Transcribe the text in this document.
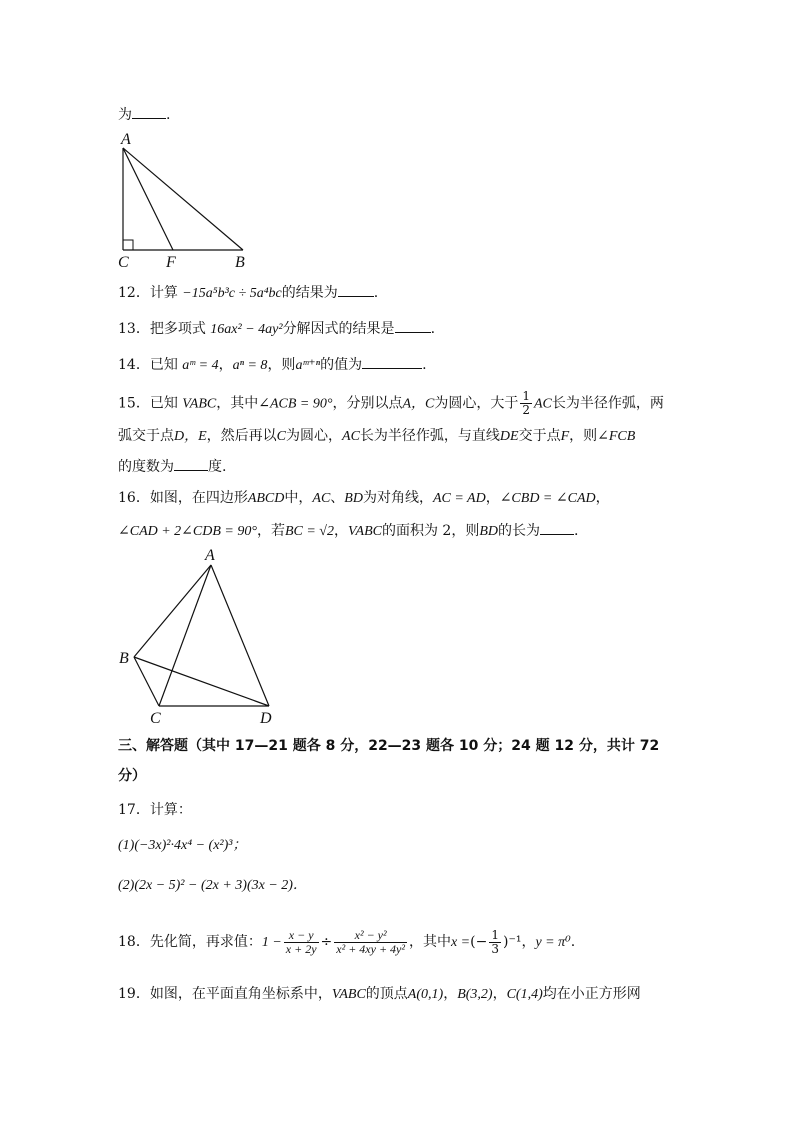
为 .
A
C F	B
12．计算 −15a⁵b³c ÷ 5a⁴bc的结果为	.
13．把多项式 16ax² − 4ay²分解因式的结果是	.
14．已知 aᵐ = 4，aⁿ = 8，则aᵐ⁺ⁿ的值为	.
15．已知 VABC，其中∠ACB = 90°，分别以点A，C为圆心，大于 $\frac{1}{2}$ AC长为半径作弧，两
弧交于点D，E，然后再以C为圆心，AC长为半径作弧，与直线DE交于点F，则∠FCB
的度数为 度.
16．如图，在四边形ABCD中，AC、BD为对角线，AC = AD，∠CBD = ∠CAD，
∠CAD + 2∠CDB = 90°，若BC = √2，VABC的面积为 2，则BD的长为 .
A
B
C	D
三、解答题（其中 17—21 题各 8 分，22—23 题各 10 分；24 题 12 分，共计 72
分）
17．计算：
(1)(−3x)²·4x⁴ − (x²)³；
(2)(2x − 5)² − (2x + 3)(3x − 2)．
18．先化简，再求值：$1 - \frac{x - y}{x + 2y} \div \frac{\text{x² − y²}}{\text{x² + 4xy + 4y²}}$ ，其中x =(− $\frac{1}{3} )^{-1}$，y = π⁰.
19．如图，在平面直角坐标系中，VABC的顶点A(0,1)，B(3,2)，C(1,4)均在小正方形网
